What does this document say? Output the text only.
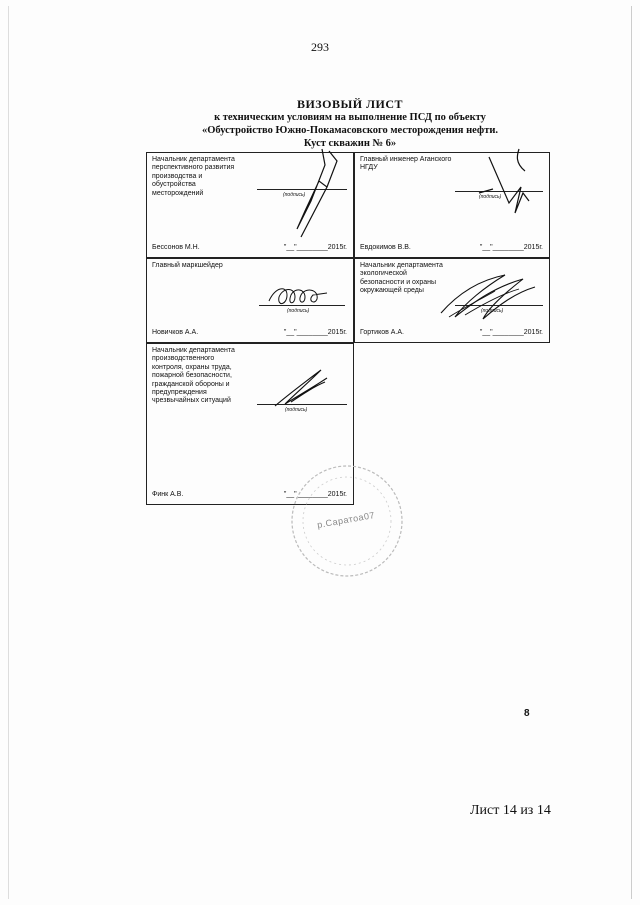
293
ВИЗОВЫЙ ЛИСТ
к техническим условиям на выполнение ПСД по объекту
«Обустройство Южно-Покамасовского месторождения нефти.
Куст скважин № 6»
Начальник департамента перспективного развития производства и обустройства месторождений	(подпись)
Бессонов М.Н.	"__"________2015г.
Главный инженер Аганского НГДУ
(подпись)
Евдокимов В.В.	"__"________2015г.
Главный маркшейдер
(подпись)
Новичков А.А.	"__"________2015г.
Начальник департамента экологической безопасности и охраны окружающей среды
(подпись)
Гортиков А.А.	"__"________2015г.
Начальник департамента производственного контроля, охраны труда, пожарной безопасности, гражданской обороны и предупреждения чрезвычайных ситуаций
(подпись)
Финк А.В.	"__"________2015г.
р.Саратоа07
8
Лист 14 из 14
